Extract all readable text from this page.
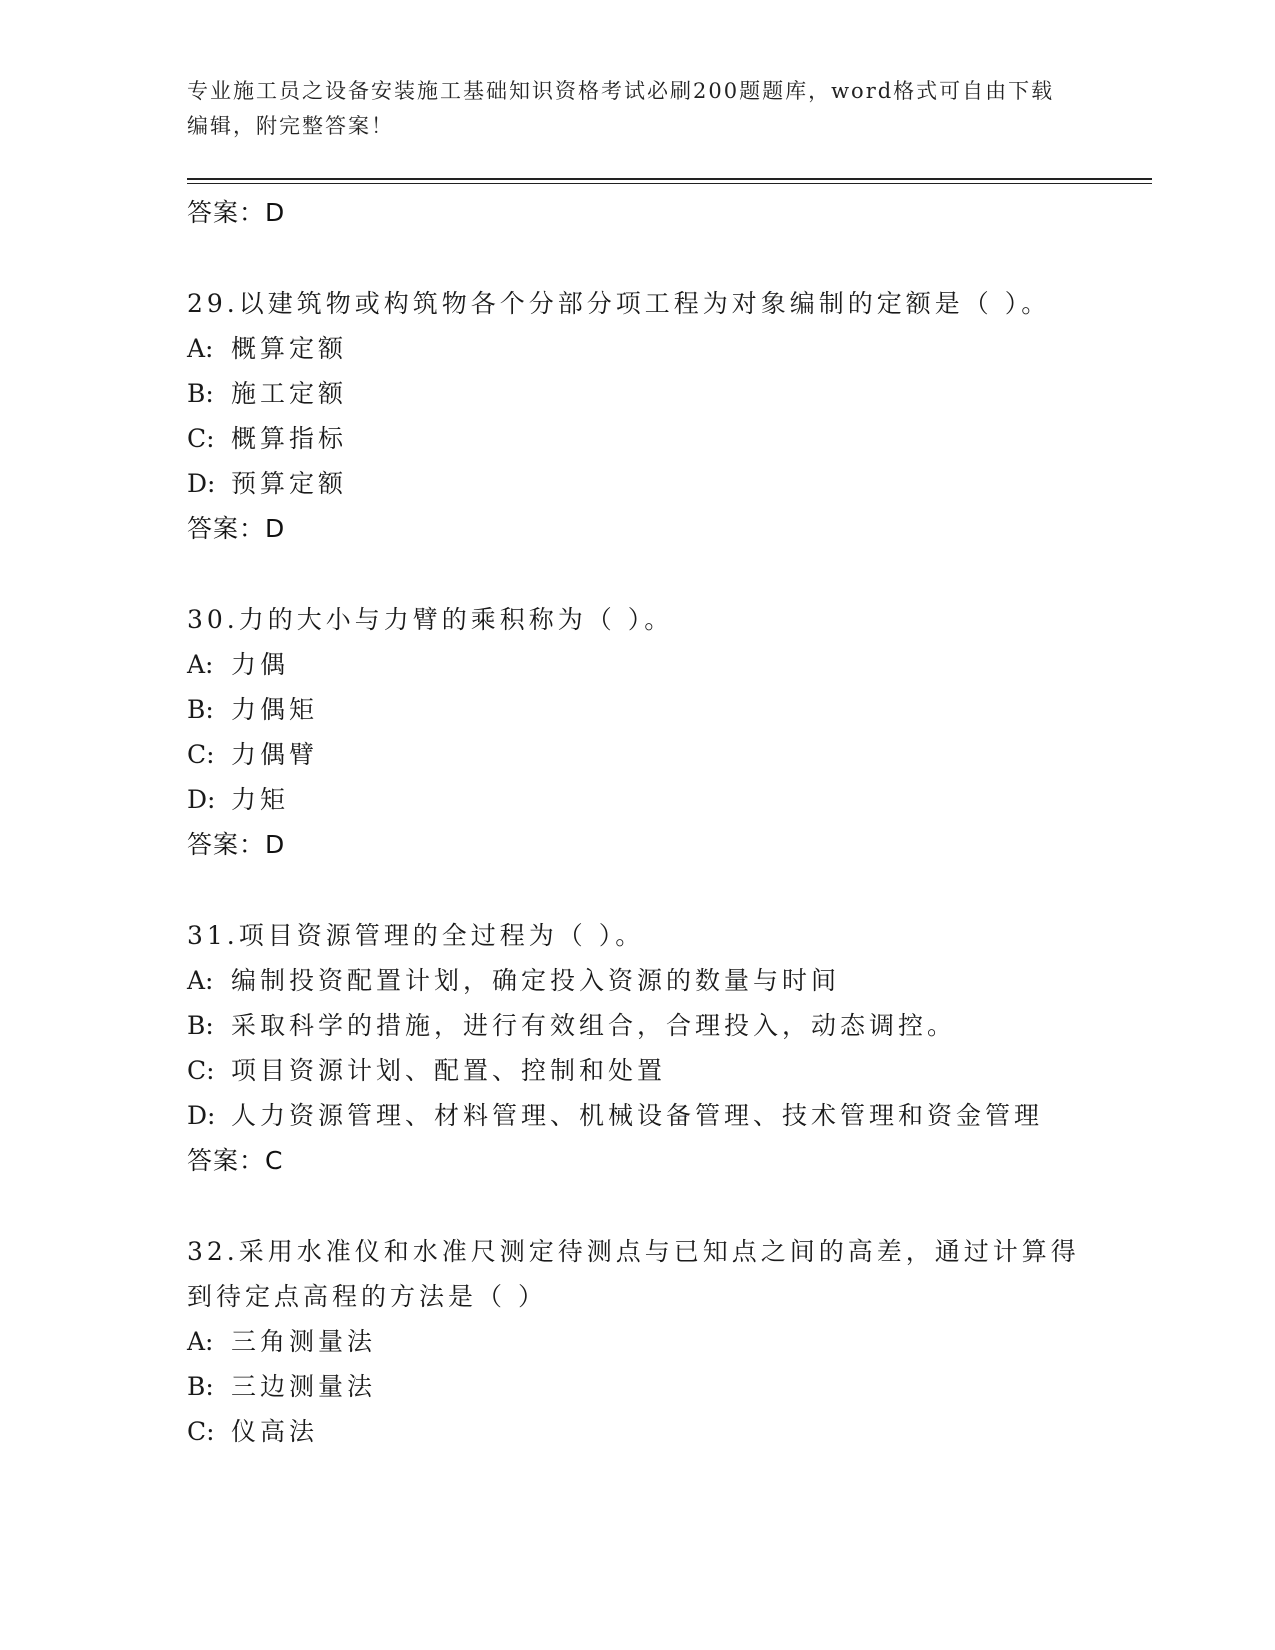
专业施工员之设备安装施工基础知识资格考试必刷200题题库，word格式可自由下载编辑，附完整答案！

答案：D

29.以建筑物或构筑物各个分部分项工程为对象编制的定额是（ ）。

A: 概算定额

B: 施工定额

C: 概算指标

D: 预算定额

答案：D

30.力的大小与力臂的乘积称为（ ）。

A: 力偶

B: 力偶矩

C: 力偶臂

D: 力矩

答案：D

31.项目资源管理的全过程为（ ）。

A: 编制投资配置计划，确定投入资源的数量与时间

B: 采取科学的措施，进行有效组合，合理投入，动态调控。

C: 项目资源计划、配置、控制和处置

D: 人力资源管理、材料管理、机械设备管理、技术管理和资金管理

答案：C

32.采用水准仪和水准尺测定待测点与已知点之间的高差，通过计算得到待定点高程的方法是（ ）

A: 三角测量法

B: 三边测量法

C: 仪高法
